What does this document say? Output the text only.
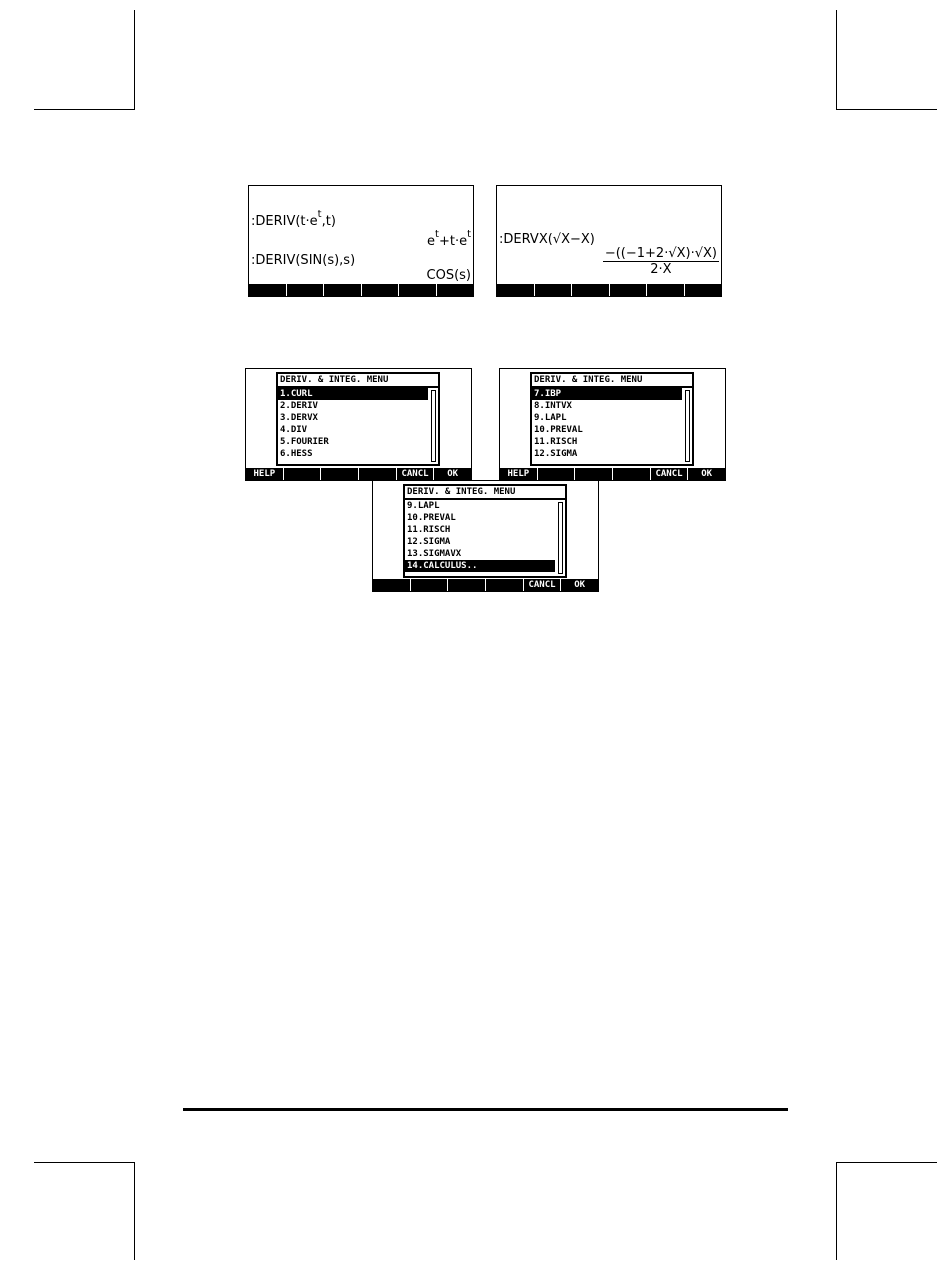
$:DERIV(t\cdot e^t,t)$
$e^t+t\cdot e^t$
:DERIV(SIN(s),s)
COS(s)
:DERVX(√X−X)
$\frac{-((-1+2\cdot√X)\cdot√X)}{2\cdot X}$
DERIV. & INTEG. MENU
1.CURL
2.DERIV
3.DERVX
4.DIV
5.FOURIER
6.HESS
HELP	CANCL	OK
DERIV. & INTEG. MENU
7.IBP
8.INTVX
9.LAPL
10.PREVAL
11.RISCH
12.SIGMA
HELP	CANCL	OK
DERIV. & INTEG. MENU
9.LAPL
10.PREVAL
11.RISCH
12.SIGMA
13.SIGMAVX
14.CALCULUS..
CANCL	OK
